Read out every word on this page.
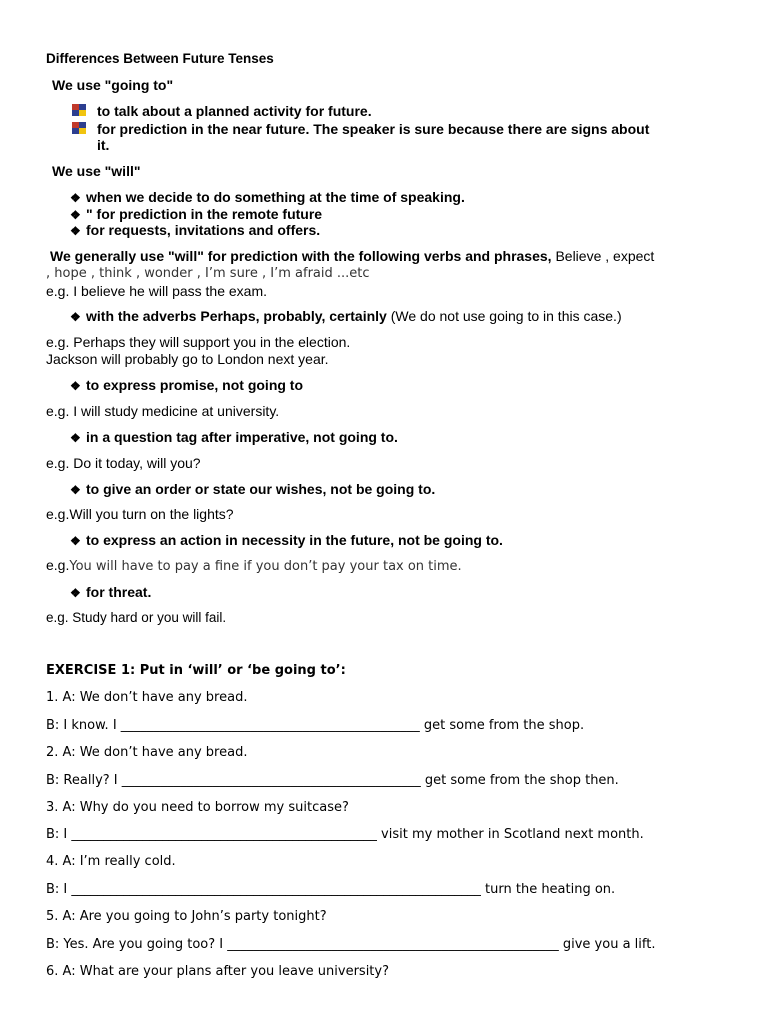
Differences Between Future Tenses
We use "going to"
to talk about a planned activity for future.
for prediction in the near future. The speaker is sure because there are signs about
it.
We use "will"
❖ when we decide to do something at the time of speaking.
❖ " for prediction in the remote future
❖ for requests, invitations and offers.
We generally use "will" for prediction with the following verbs and phrases, Believe , expect
, hope , think , wonder , I’m sure , I’m afraid ...etc
e.g. I believe he will pass the exam.
❖ with the adverbs Perhaps, probably, certainly (We do not use going to in this case.)
e.g. Perhaps they will support you in the election.
Jackson will probably go to London next year.
❖ to express promise, not going to
e.g. I will study medicine at university.
❖ in a question tag after imperative, not going to.
e.g. Do it today, will you?
❖ to give an order or state our wishes, not be going to.
e.g.Will you turn on the lights?
❖ to express an action in necessity in the future, not be going to.
e.g.You will have to pay a fine if you don’t pay your tax on time.
❖ for threat.
e.g. Study hard or you will fail.
EXERCISE 1: Put in ‘will’ or ‘be going to’:
1. A: We don’t have any bread.
B: I know. I ______________________________________________ get some from the shop.
2. A: We don’t have any bread.
B: Really? I ______________________________________________ get some from the shop then.
3. A: Why do you need to borrow my suitcase?
B: I _______________________________________________ visit my mother in Scotland next month.
4. A: I’m really cold.
B: I _______________________________________________________________ turn the heating on.
5. A: Are you going to John’s party tonight?
B: Yes. Are you going too? I ___________________________________________________ give you a lift.
6. A: What are your plans after you leave university?
